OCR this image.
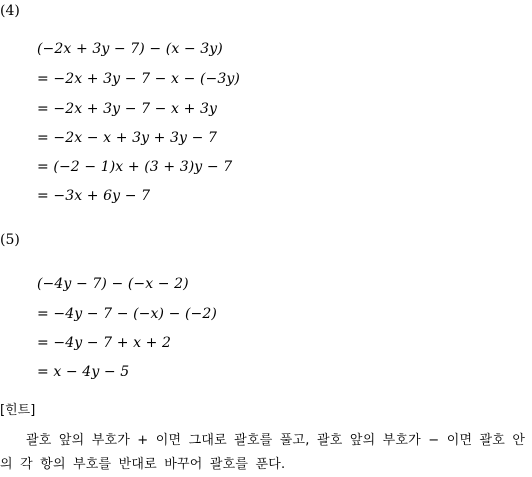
(4)
(−2x + 3y − 7) − (x − 3y)
= −2x + 3y − 7 − x − (−3y)
= −2x + 3y − 7 − x + 3y
= −2x − x + 3y + 3y − 7
= (−2 − 1)x + (3 + 3)y − 7
= −3x + 6y − 7
(5)
(−4y − 7) − (−x − 2)
= −4y − 7 − (−x) − (−2)
= −4y − 7 + x + 2
= x − 4y − 5
[힌트]
괄호 앞의 부호가 + 이면 그대로 괄호를 풀고, 괄호 앞의 부호가 − 이면 괄호 안의 각 항의 부호를 반대로 바꾸어 괄호를 푼다.
